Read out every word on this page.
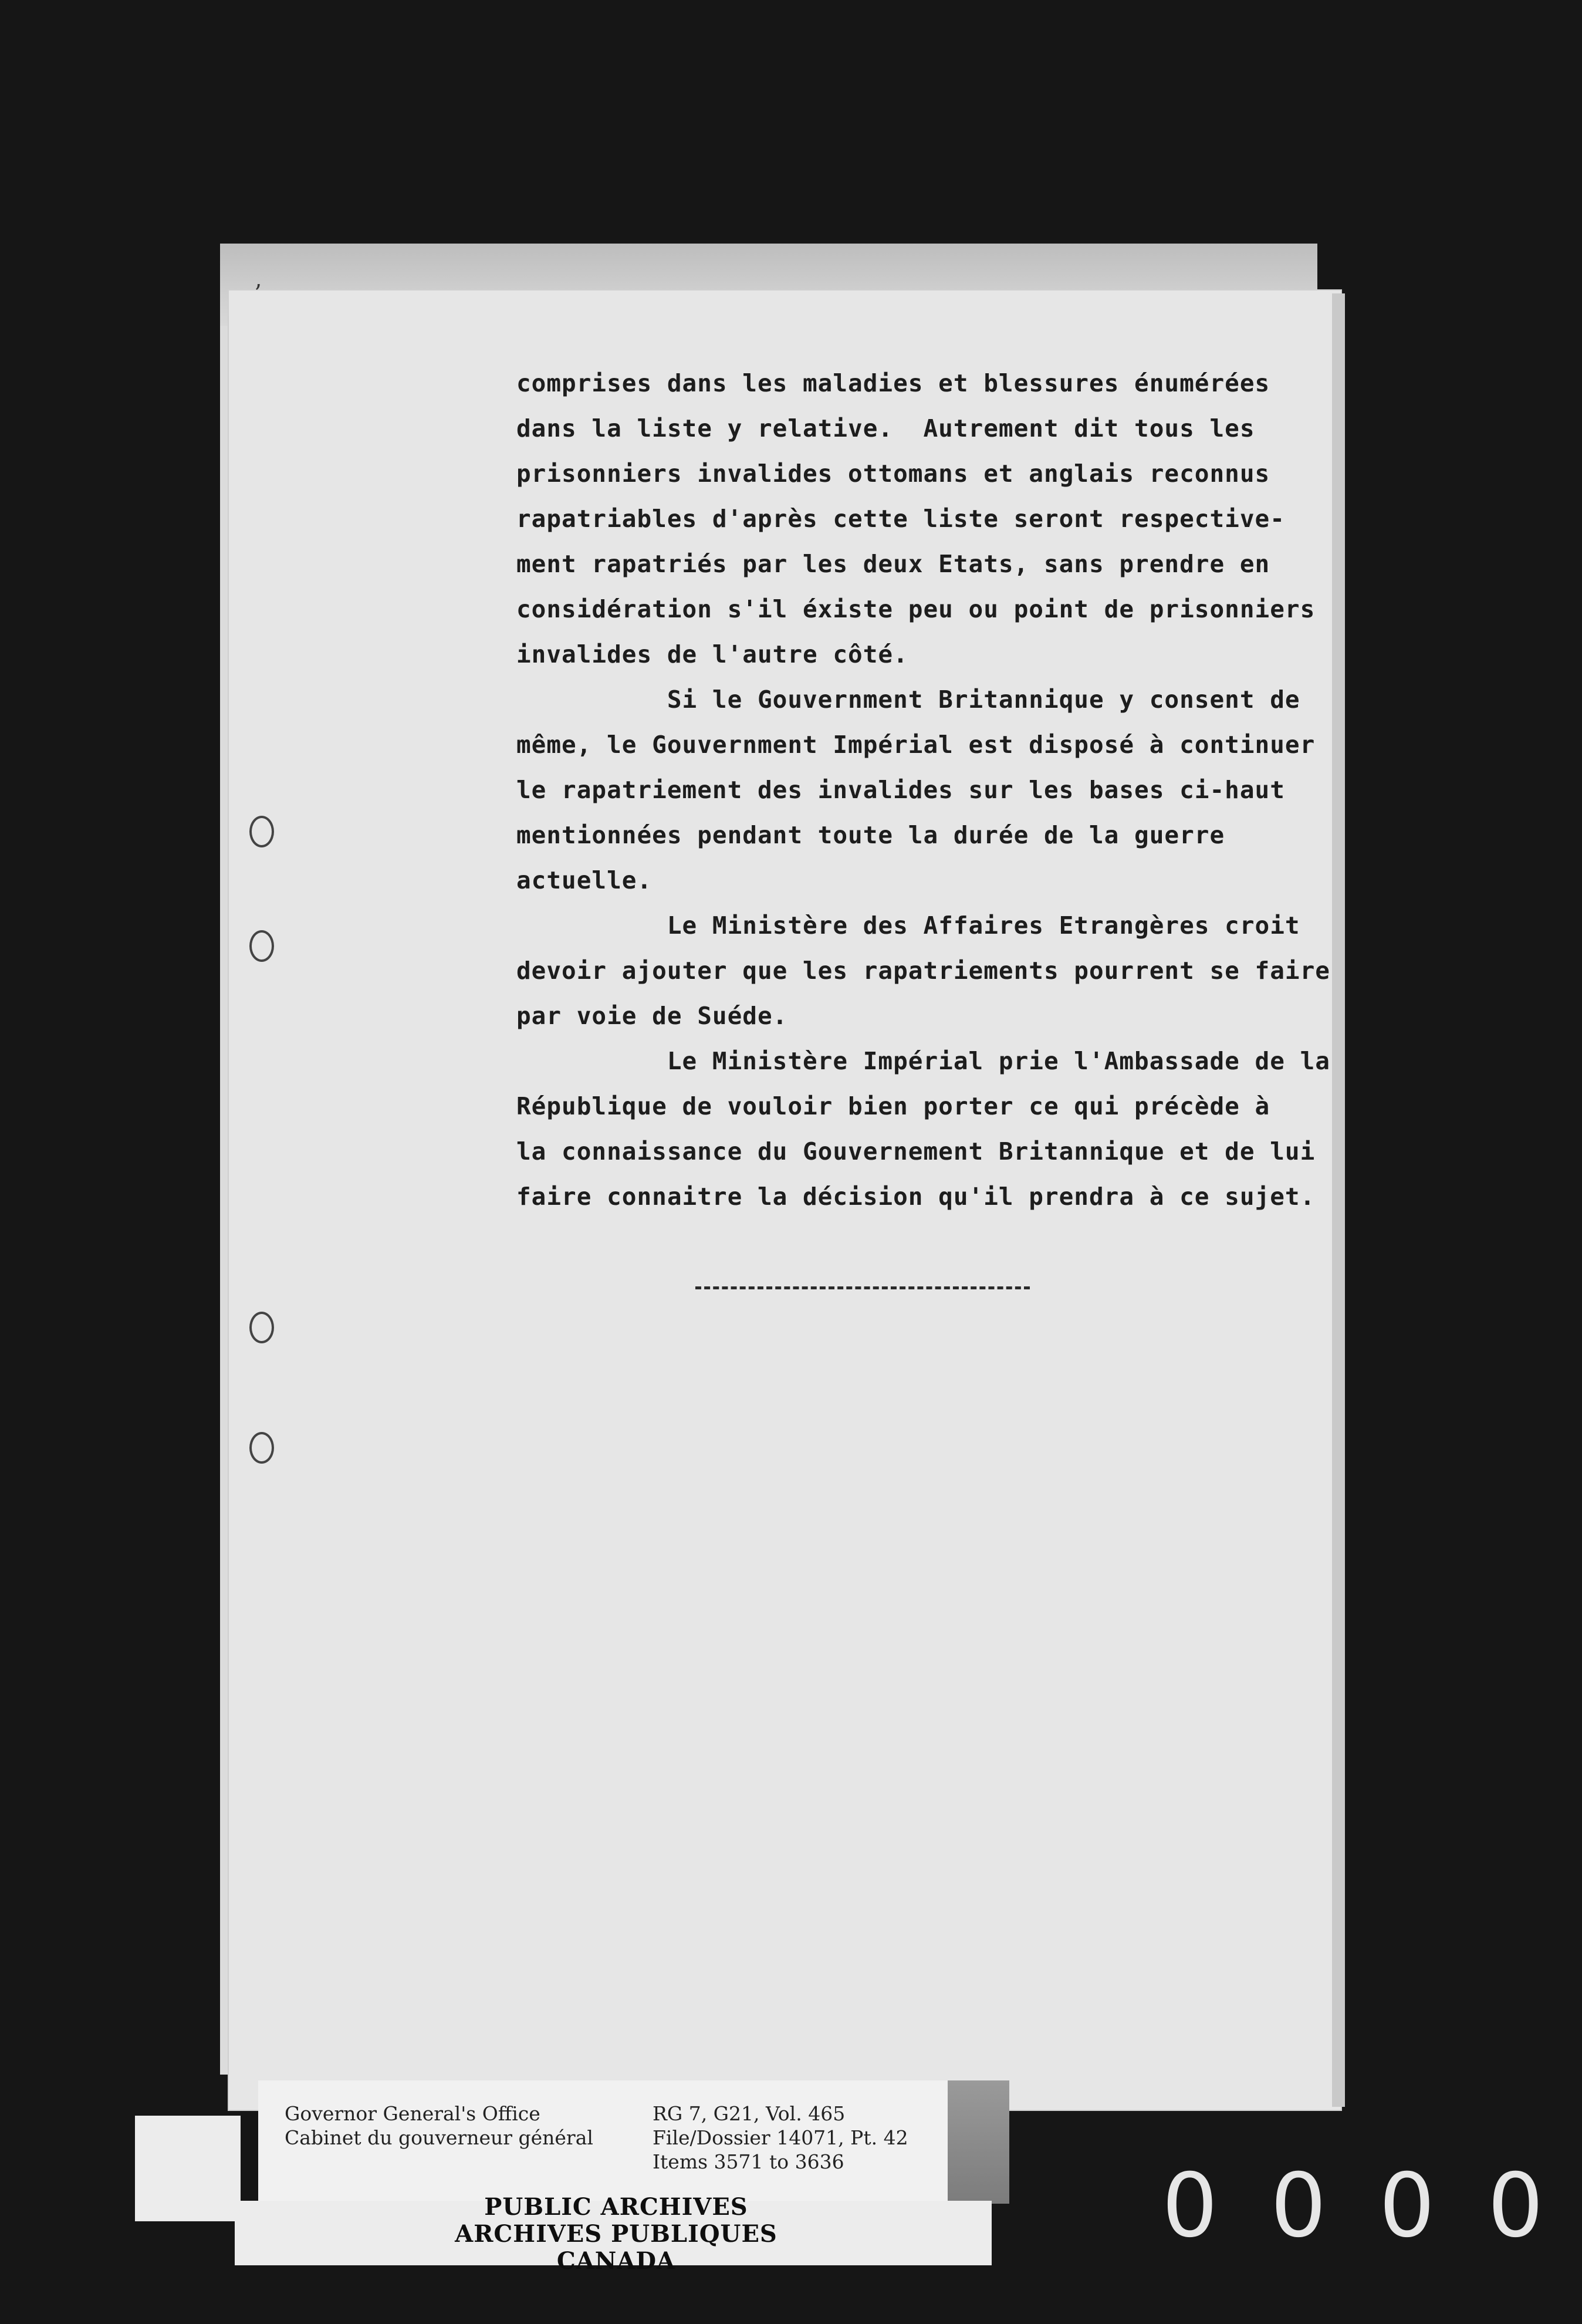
ʼ
comprises dans les maladies et blessures énumérées
dans la liste y relative.  Autrement dit tous les
prisonniers invalides ottomans et anglais reconnus
rapatriables d'après cette liste seront respective-
ment rapatriés par les deux Etats, sans prendre en
considération s'il éxiste peu ou point de prisonniers
invalides de l'autre côté.
Si le Gouvernment Britannique y consent de
même, le Gouvernment Impérial est disposé à continuer
le rapatriement des invalides sur les bases ci-haut
mentionnées pendant toute la durée de la guerre
actuelle.
Le Ministère des Affaires Etrangères croit
devoir ajouter que les rapatriements pourrent se faire
par voie de Suéde.
Le Ministère Impérial prie l'Ambassade de la
République de vouloir bien porter ce qui précède à
la connaissance du Gouvernement Britannique et de lui
faire connaitre la décision qu'il prendra à ce sujet.
Governor General's Office
Cabinet du gouverneur général
RG 7, G21, Vol. 465
File/Dossier 14071, Pt. 42
Items 3571 to 3636
PUBLIC ARCHIVES
ARCHIVES PUBLIQUES
CANADA
0 0 0 0
